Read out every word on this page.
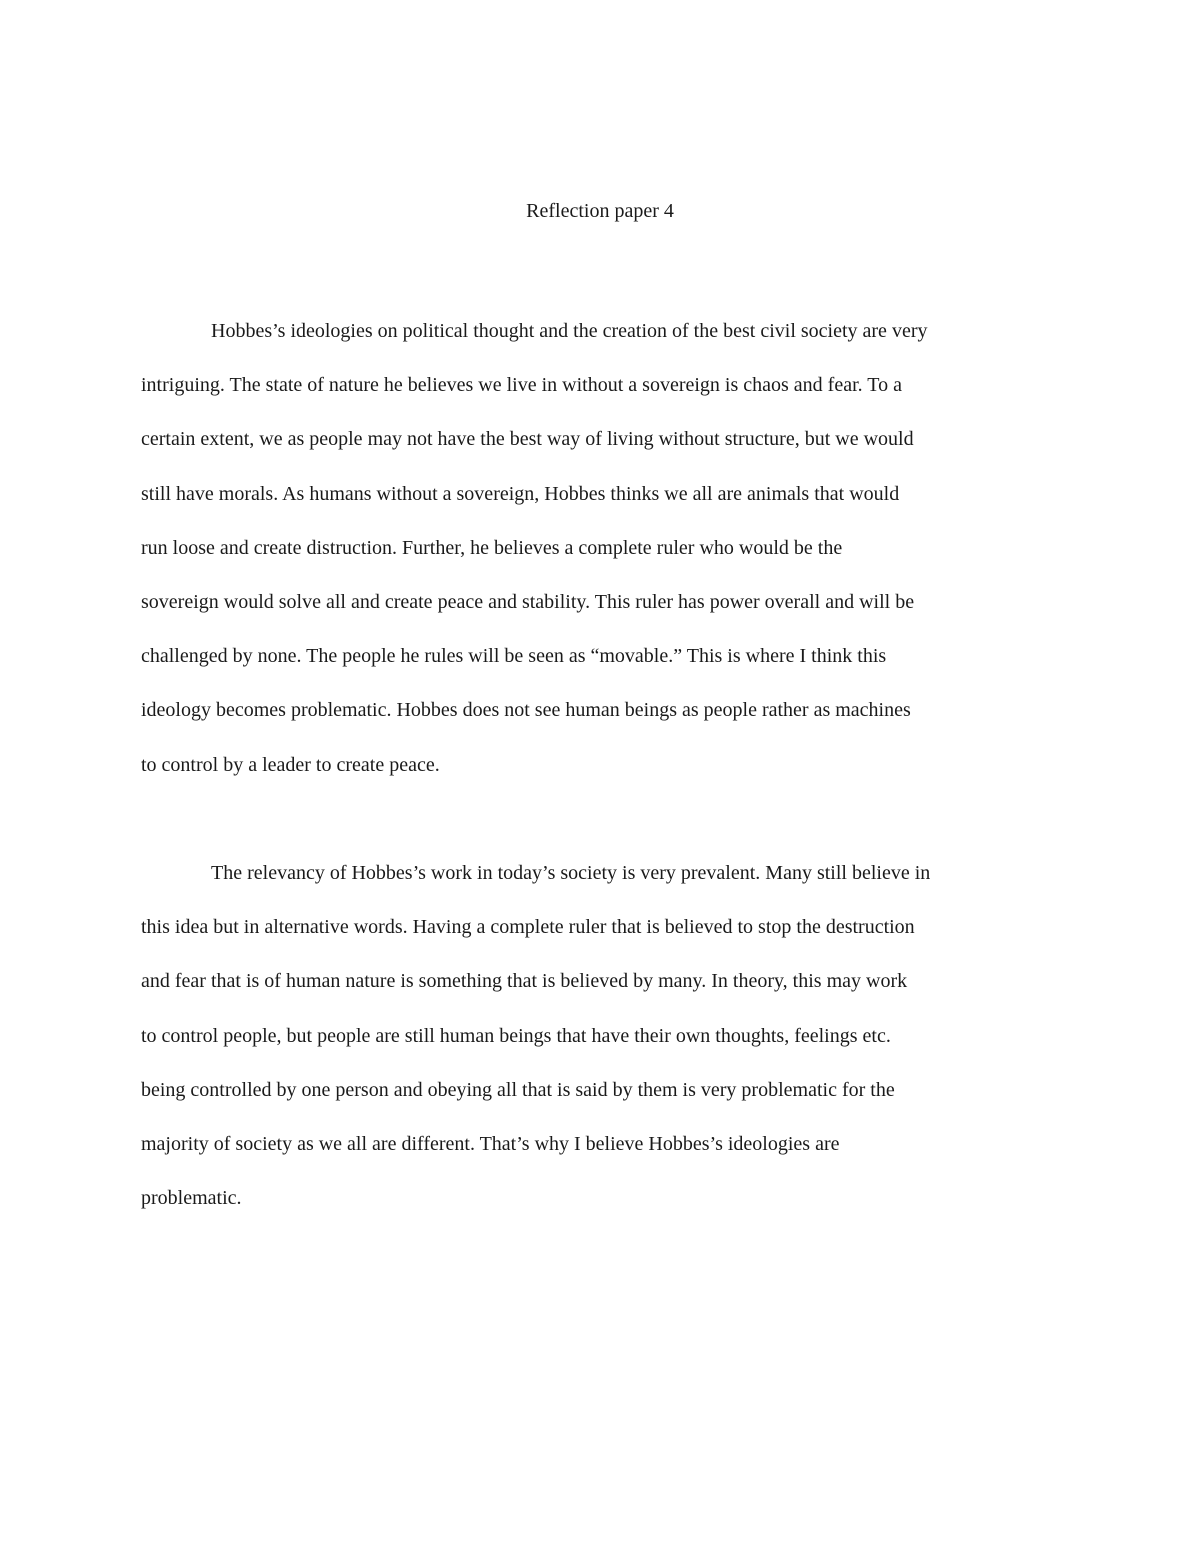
Reflection paper 4

Hobbes’s ideologies on political thought and the creation of the best civil society are very
intriguing. The state of nature he believes we live in without a sovereign is chaos and fear. To a
certain extent, we as people may not have the best way of living without structure, but we would
still have morals. As humans without a sovereign, Hobbes thinks we all are animals that would
run loose and create distruction. Further, he believes a complete ruler who would be the
sovereign would solve all and create peace and stability. This ruler has power overall and will be
challenged by none. The people he rules will be seen as “movable.” This is where I think this
ideology becomes problematic. Hobbes does not see human beings as people rather as machines
to control by a leader to create peace.

The relevancy of Hobbes’s work in today’s society is very prevalent. Many still believe in
this idea but in alternative words. Having a complete ruler that is believed to stop the destruction
and fear that is of human nature is something that is believed by many. In theory, this may work
to control people, but people are still human beings that have their own thoughts, feelings etc.
being controlled by one person and obeying all that is said by them is very problematic for the
majority of society as we all are different. That’s why I believe Hobbes’s ideologies are
problematic.
